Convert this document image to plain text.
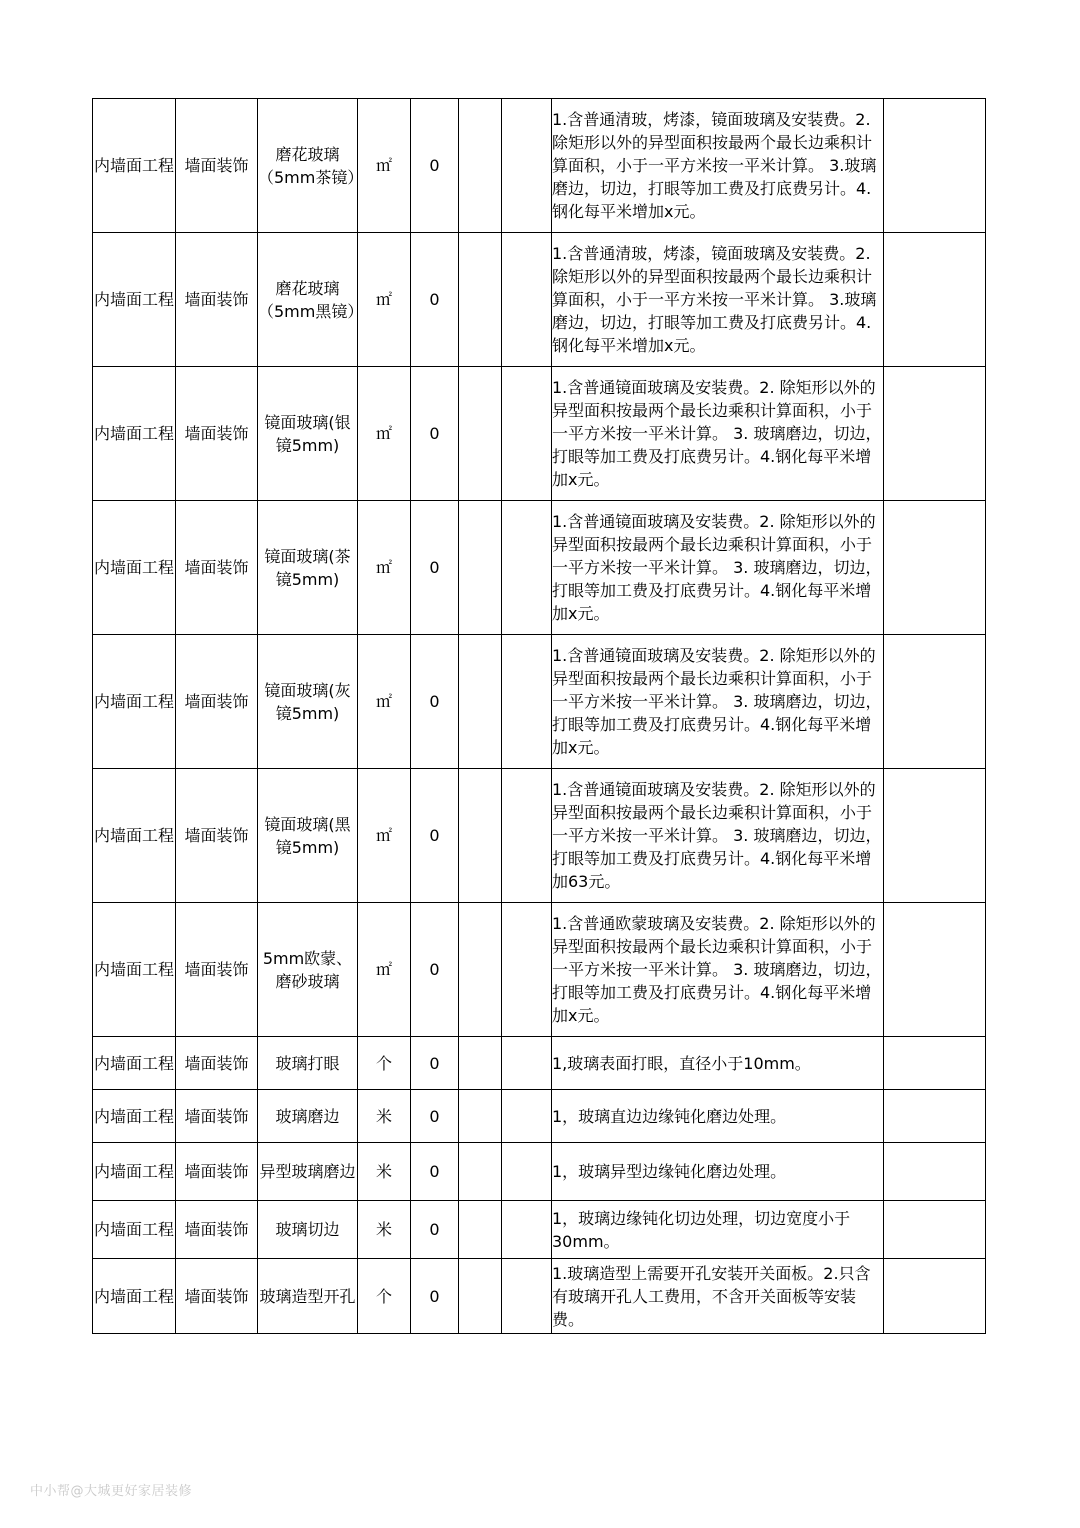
内墙面工程	墙面装饰	磨花玻璃（5mm茶镜）	㎡	0			1.含普通清玻，烤漆，镜面玻璃及安装费。2.除矩形以外的异型面积按最两个最长边乘积计算面积，小于一平方米按一平米计算。 3.玻璃磨边，切边，打眼等加工费及打底费另计。4.钢化每平米增加x元。	
内墙面工程	墙面装饰	磨花玻璃（5mm黑镜）	㎡	0			1.含普通清玻，烤漆，镜面玻璃及安装费。2.除矩形以外的异型面积按最两个最长边乘积计算面积，小于一平方米按一平米计算。 3.玻璃磨边，切边，打眼等加工费及打底费另计。4.钢化每平米增加x元。	
内墙面工程	墙面装饰	镜面玻璃(银镜5mm)	㎡	0			1.含普通镜面玻璃及安装费。2. 除矩形以外的异型面积按最两个最长边乘积计算面积，小于一平方米按一平米计算。 3. 玻璃磨边，切边，打眼等加工费及打底费另计。4.钢化每平米增加x元。	
内墙面工程	墙面装饰	镜面玻璃(茶镜5mm)	㎡	0			1.含普通镜面玻璃及安装费。2. 除矩形以外的异型面积按最两个最长边乘积计算面积，小于一平方米按一平米计算。 3. 玻璃磨边，切边，打眼等加工费及打底费另计。4.钢化每平米增加x元。	
内墙面工程	墙面装饰	镜面玻璃(灰镜5mm)	㎡	0			1.含普通镜面玻璃及安装费。2. 除矩形以外的异型面积按最两个最长边乘积计算面积，小于一平方米按一平米计算。 3. 玻璃磨边，切边，打眼等加工费及打底费另计。4.钢化每平米增加x元。	
内墙面工程	墙面装饰	镜面玻璃(黑镜5mm)	㎡	0			1.含普通镜面玻璃及安装费。2. 除矩形以外的异型面积按最两个最长边乘积计算面积，小于一平方米按一平米计算。 3. 玻璃磨边，切边，打眼等加工费及打底费另计。4.钢化每平米增加63元。	
内墙面工程	墙面装饰	5mm欧蒙、磨砂玻璃	㎡	0			1.含普通欧蒙玻璃及安装费。2. 除矩形以外的异型面积按最两个最长边乘积计算面积，小于一平方米按一平米计算。 3. 玻璃磨边，切边，打眼等加工费及打底费另计。4.钢化每平米增加x元。	
内墙面工程	墙面装饰	玻璃打眼	个	0			1,玻璃表面打眼，直径小于10mm。	
内墙面工程	墙面装饰	玻璃磨边	米	0			1，玻璃直边边缘钝化磨边处理。	
内墙面工程	墙面装饰	异型玻璃磨边	米	0			1，玻璃异型边缘钝化磨边处理。	
内墙面工程	墙面装饰	玻璃切边	米	0			1，玻璃边缘钝化切边处理，切边宽度小于30mm。	
内墙面工程	墙面装饰	玻璃造型开孔	个	0			1.玻璃造型上需要开孔安装开关面板。2.只含有玻璃开孔人工费用，不含开关面板等安装费。	
中小帮@大城更好家居装修
